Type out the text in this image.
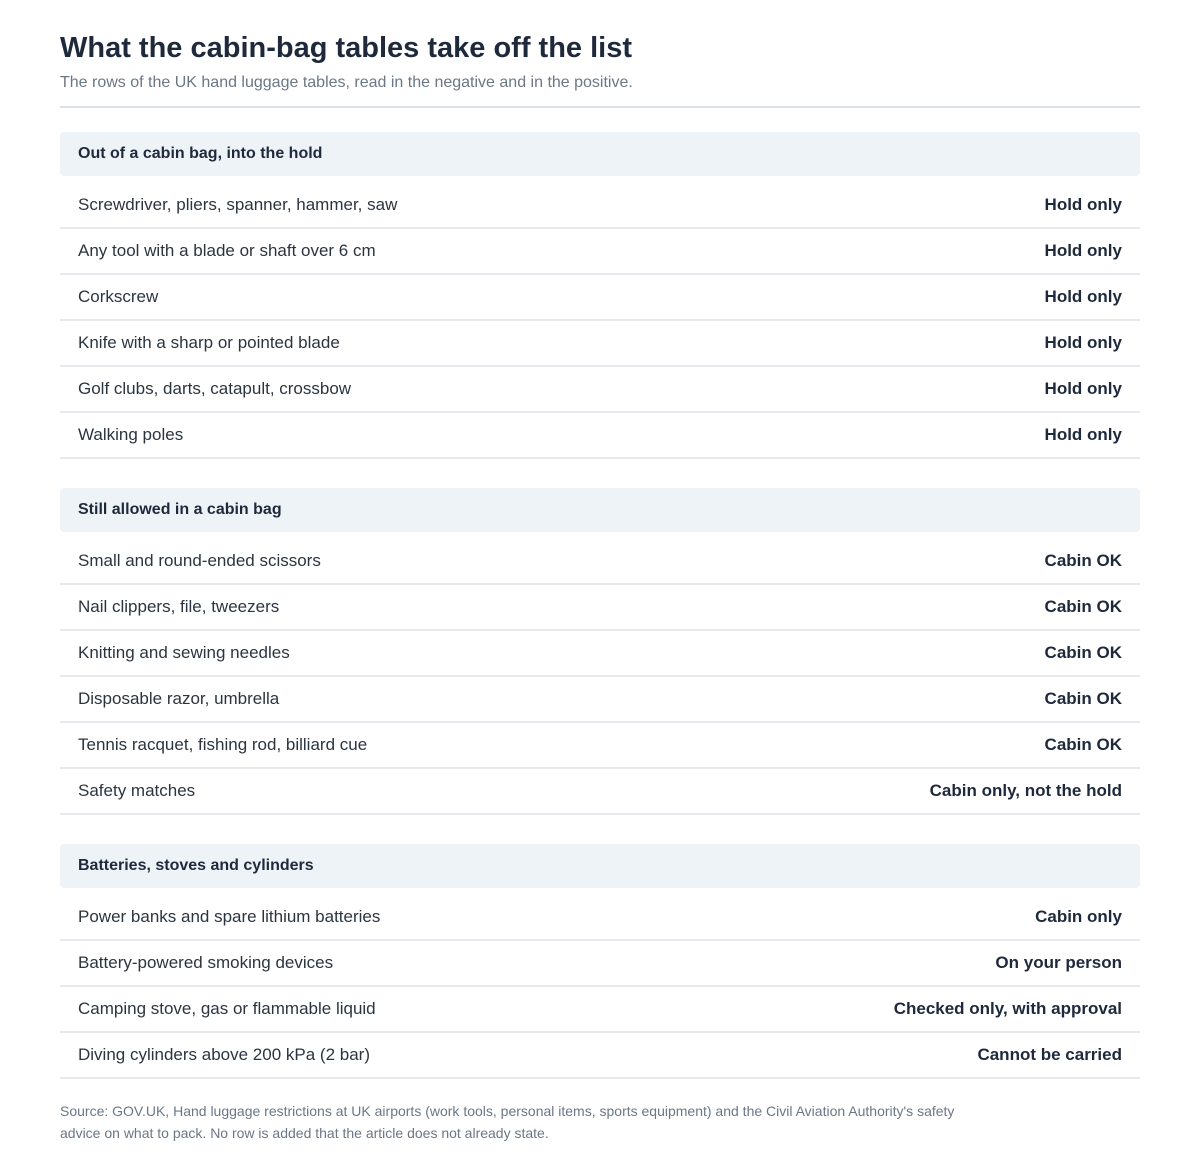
What the cabin-bag tables take off the list

The rows of the UK hand luggage tables, read in the negative and in the positive.

Out of a cabin bag, into the hold
Screwdriver, pliers, spanner, hammer, saw	Hold only
Any tool with a blade or shaft over 6 cm	Hold only
Corkscrew	Hold only
Knife with a sharp or pointed blade	Hold only
Golf clubs, darts, catapult, crossbow	Hold only
Walking poles	Hold only
Still allowed in a cabin bag
Small and round-ended scissors	Cabin OK
Nail clippers, file, tweezers	Cabin OK
Knitting and sewing needles	Cabin OK
Disposable razor, umbrella	Cabin OK
Tennis racquet, fishing rod, billiard cue	Cabin OK
Safety matches	Cabin only, not the hold
Batteries, stoves and cylinders
Power banks and spare lithium batteries	Cabin only
Battery-powered smoking devices	On your person
Camping stove, gas or flammable liquid	Checked only, with approval
Diving cylinders above 200 kPa (2 bar)	Cannot be carried

Source: GOV.UK, Hand luggage restrictions at UK airports (work tools, personal items, sports equipment) and the Civil Aviation Authority's safety advice on what to pack. No row is added that the article does not already state.
